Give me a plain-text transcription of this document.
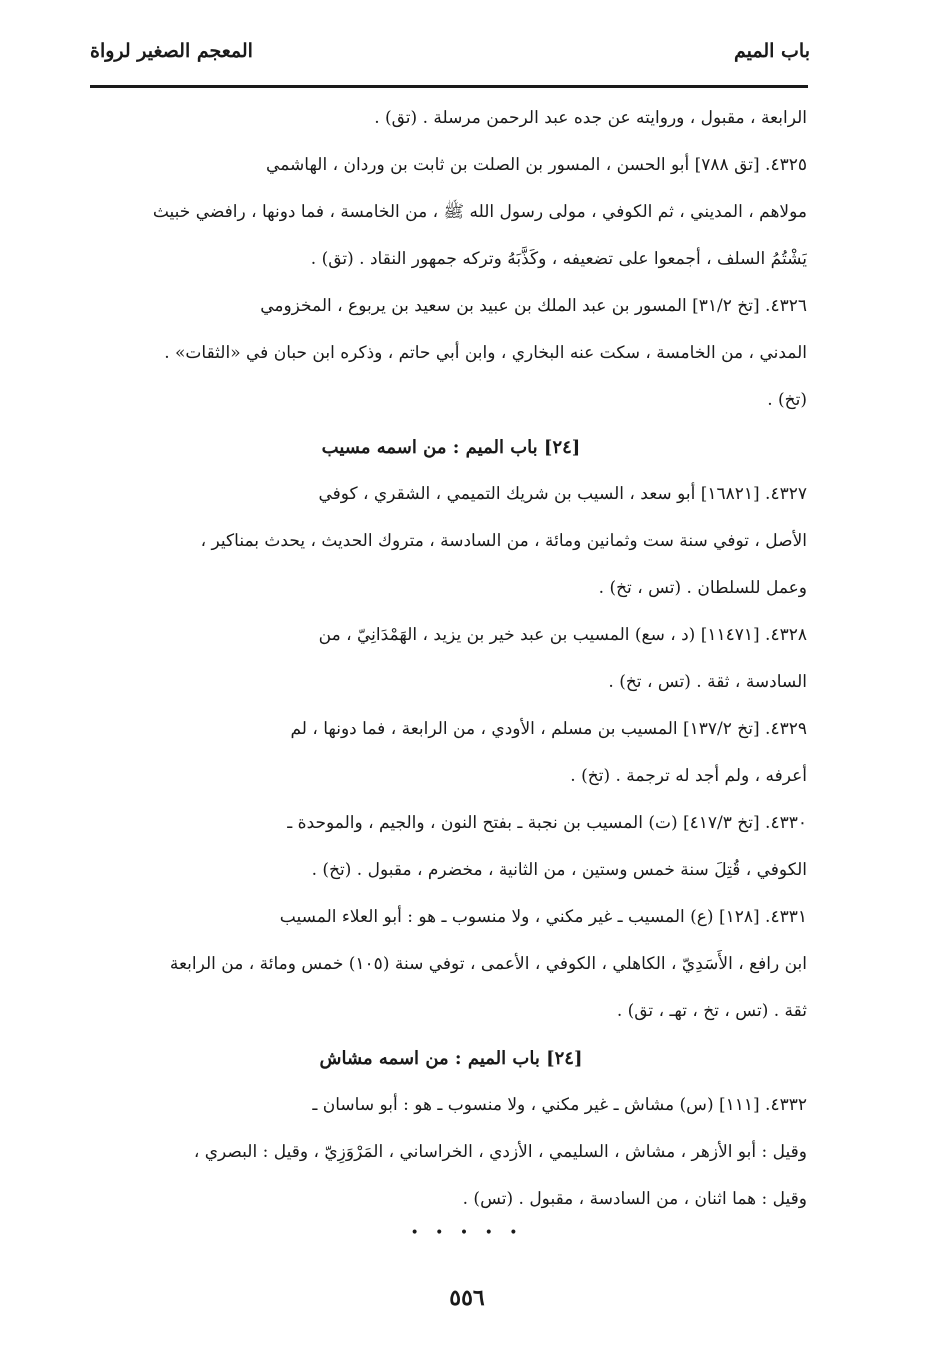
باب الميم
المعجم الصغير لرواة
الرابعة ، مقبول ، وروايته عن جده عبد الرحمن مرسلة . (تق) .
٤٣٢٥. [تق ٧٨٨] أبو الحسن ، المسور بن الصلت بن ثابت بن وردان ، الهاشمي
مولاهم ، المديني ، ثم الكوفي ، مولى رسول الله ﷺ ، من الخامسة ، فما دونها ، رافضي خبيث
يَشْتُمُ السلف ، أجمعوا على تضعيفه ، وكَذَّبَهُ وتركه جمهور النقاد . (تق) .
٤٣٢٦. [تخ ٣١/٢] المسور بن عبد الملك بن عبيد بن سعيد بن يربوع ، المخزومي
المدني ، من الخامسة ، سكت عنه البخاري ، وابن أبي حاتم ، وذكره ابن حبان في «الثقات» .
(تخ) .
[٢٤] باب الميم : من اسمه مسيب
٤٣٢٧. [١٦٨٢١] أبو سعد ، السيب بن شريك التميمي ، الشقري ، كوفي
الأصل ، توفي سنة ست وثمانين ومائة ، من السادسة ، متروك الحديث ، يحدث بمناكير ،
وعمل للسلطان . (تس ، تخ) .
٤٣٢٨. [١١٤٧١] (د ، سع) المسيب بن عبد خير بن يزيد ، الهَمْدَانِيّ ، من
السادسة ، ثقة . (تس ، تخ) .
٤٣٢٩. [تخ ١٣٧/٢] المسيب بن مسلم ، الأودي ، من الرابعة ، فما دونها ، لم
أعرفه ، ولم أجد له ترجمة . (تخ) .
٤٣٣٠. [تخ ٤١٧/٣] (ت) المسيب بن نجبة ـ بفتح النون ، والجيم ، والموحدة ـ
الكوفي ، قُتِلَ سنة خمس وستين ، من الثانية ، مخضرم ، مقبول . (تخ) .
٤٣٣١. [١٢٨] (ع) المسيب ـ غير مكني ، ولا منسوب ـ هو : أبو العلاء المسيب
ابن رافع ، الأَسَدِيّ ، الكاهلي ، الكوفي ، الأعمى ، توفي سنة (١٠٥) خمس ومائة ، من الرابعة
ثقة . (تس ، تخ ، تهـ ، تق) .
[٢٤] باب الميم : من اسمه مشاش
٤٣٣٢. [١١١] (س) مشاش ـ غير مكني ، ولا منسوب ـ هو : أبو ساسان ـ
وقيل : أبو الأزهر ، مشاش ، السليمي ، الأزدي ، الخراساني ، المَرْوَزِيّ ، وقيل : البصري ،
وقيل : هما اثنان ، من السادسة ، مقبول . (تس) .
• • • • •
٥٥٦
